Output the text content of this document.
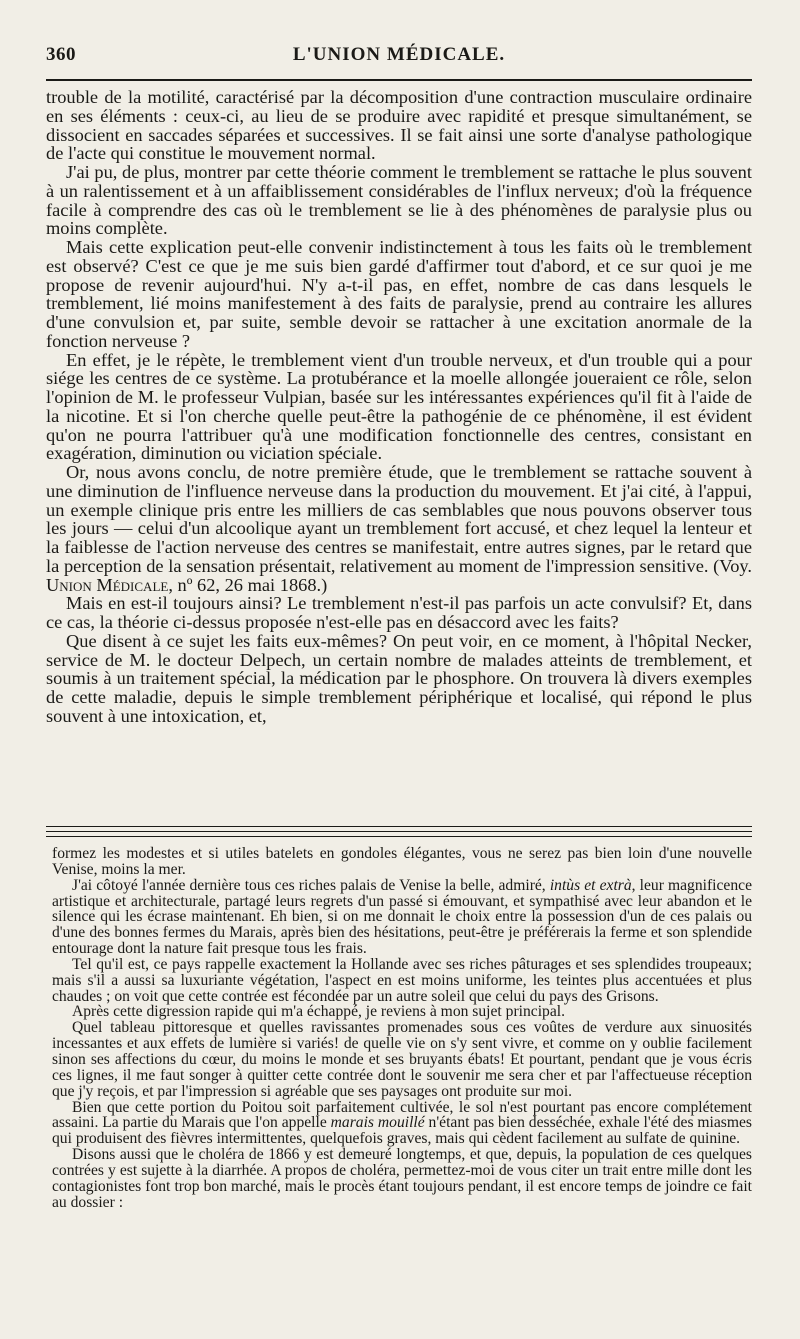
360	L'UNION MÉDICALE.

trouble de la motilité, caractérisé par la décomposition d'une contraction musculaire ordinaire en ses éléments : ceux-ci, au lieu de se produire avec rapidité et presque simultanément, se dissocient en saccades séparées et successives. Il se fait ainsi une sorte d'analyse pathologique de l'acte qui constitue le mouvement normal.

J'ai pu, de plus, montrer par cette théorie comment le tremblement se rattache le plus souvent à un ralentissement et à un affaiblissement considérables de l'influx nerveux; d'où la fréquence facile à comprendre des cas où le tremblement se lie à des phénomènes de paralysie plus ou moins complète.

Mais cette explication peut-elle convenir indistinctement à tous les faits où le tremblement est observé? C'est ce que je me suis bien gardé d'affirmer tout d'abord, et ce sur quoi je me propose de revenir aujourd'hui. N'y a-t-il pas, en effet, nombre de cas dans lesquels le tremblement, lié moins manifestement à des faits de paralysie, prend au contraire les allures d'une convulsion et, par suite, semble devoir se rattacher à une excitation anormale de la fonction nerveuse ?

En effet, je le répète, le tremblement vient d'un trouble nerveux, et d'un trouble qui a pour siége les centres de ce système. La protubérance et la moelle allongée joueraient ce rôle, selon l'opinion de M. le professeur Vulpian, basée sur les intéressantes expériences qu'il fit à l'aide de la nicotine. Et si l'on cherche quelle peut-être la pathogénie de ce phénomène, il est évident qu'on ne pourra l'attribuer qu'à une modification fonctionnelle des centres, consistant en exagération, diminution ou viciation spéciale.

Or, nous avons conclu, de notre première étude, que le tremblement se rattache souvent à une diminution de l'influence nerveuse dans la production du mouvement. Et j'ai cité, à l'appui, un exemple clinique pris entre les milliers de cas semblables que nous pouvons observer tous les jours — celui d'un alcoolique ayant un tremblement fort accusé, et chez lequel la lenteur et la faiblesse de l'action nerveuse des centres se manifestait, entre autres signes, par le retard que la perception de la sensation présentait, relativement au moment de l'impression sensitive. (Voy. Union Médicale, nº 62, 26 mai 1868.)

Mais en est-il toujours ainsi? Le tremblement n'est-il pas parfois un acte convulsif? Et, dans ce cas, la théorie ci-dessus proposée n'est-elle pas en désaccord avec les faits?

Que disent à ce sujet les faits eux-mêmes? On peut voir, en ce moment, à l'hôpital Necker, service de M. le docteur Delpech, un certain nombre de malades atteints de tremblement, et soumis à un traitement spécial, la médication par le phosphore. On trouvera là divers exemples de cette maladie, depuis le simple tremblement périphérique et localisé, qui répond le plus souvent à une intoxication, et,

formez les modestes et si utiles batelets en gondoles élégantes, vous ne serez pas bien loin d'une nouvelle Venise, moins la mer.

J'ai côtoyé l'année dernière tous ces riches palais de Venise la belle, admiré, intùs et extrà, leur magnificence artistique et architecturale, partagé leurs regrets d'un passé si émouvant, et sympathisé avec leur abandon et le silence qui les écrase maintenant. Eh bien, si on me donnait le choix entre la possession d'un de ces palais ou d'une des bonnes fermes du Marais, après bien des hésitations, peut-être je préférerais la ferme et son splendide entourage dont la nature fait presque tous les frais.

Tel qu'il est, ce pays rappelle exactement la Hollande avec ses riches pâturages et ses splendides troupeaux; mais s'il a aussi sa luxuriante végétation, l'aspect en est moins uniforme, les teintes plus accentuées et plus chaudes ; on voit que cette contrée est fécondée par un autre soleil que celui du pays des Grisons.

Après cette digression rapide qui m'a échappé, je reviens à mon sujet principal.

Quel tableau pittoresque et quelles ravissantes promenades sous ces voûtes de verdure aux sinuosités incessantes et aux effets de lumière si variés! de quelle vie on s'y sent vivre, et comme on y oublie facilement sinon ses affections du cœur, du moins le monde et ses bruyants ébats! Et pourtant, pendant que je vous écris ces lignes, il me faut songer à quitter cette contrée dont le souvenir me sera cher et par l'affectueuse réception que j'y reçois, et par l'impression si agréable que ses paysages ont produite sur moi.

Bien que cette portion du Poitou soit parfaitement cultivée, le sol n'est pourtant pas encore complétement assaini. La partie du Marais que l'on appelle marais mouillé n'étant pas bien desséchée, exhale l'été des miasmes qui produisent des fièvres intermittentes, quelquefois graves, mais qui cèdent facilement au sulfate de quinine.

Disons aussi que le choléra de 1866 y est demeuré longtemps, et que, depuis, la population de ces quelques contrées y est sujette à la diarrhée. A propos de choléra, permettez-moi de vous citer un trait entre mille dont les contagionistes font trop bon marché, mais le procès étant toujours pendant, il est encore temps de joindre ce fait au dossier :
